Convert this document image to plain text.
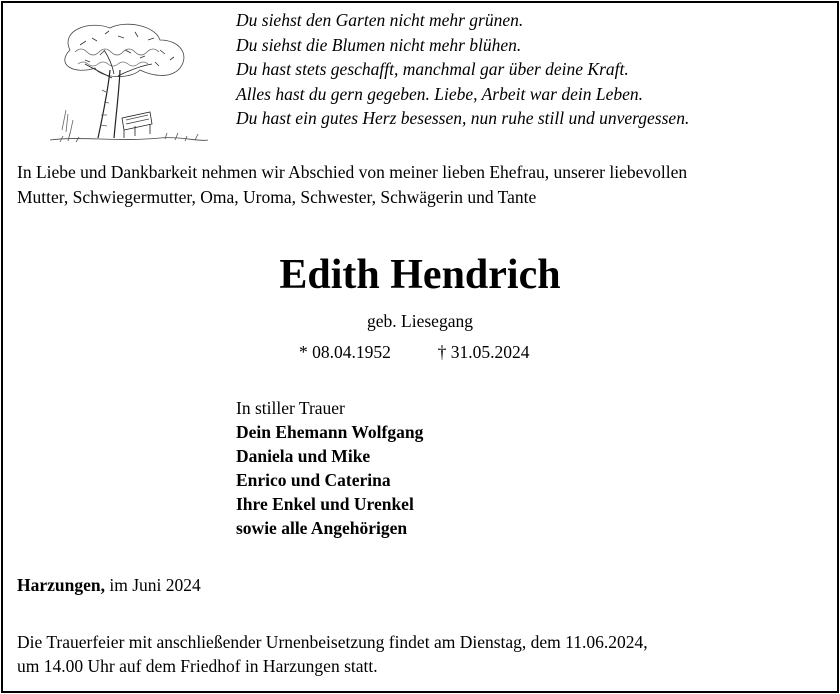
Du siehst den Garten nicht mehr grünen.
Du siehst die Blumen nicht mehr blühen.
Du hast stets geschafft, manchmal gar über deine Kraft.
Alles hast du gern gegeben. Liebe, Arbeit war dein Leben.
Du hast ein gutes Herz besessen, nun ruhe still und unvergessen.
In Liebe und Dankbarkeit nehmen wir Abschied von meiner lieben Ehefrau, unserer liebevollen
Mutter, Schwiegermutter, Oma, Uroma, Schwester, Schwägerin und Tante
Edith Hendrich
geb. Liesegang
* 08.04.1952	† 31.05.2024
In stiller Trauer
Dein Ehemann Wolfgang
Daniela und Mike
Enrico und Caterina
Ihre Enkel und Urenkel
sowie alle Angehörigen
Harzungen, im Juni 2024
Die Trauerfeier mit anschließender Urnenbeisetzung findet am Dienstag, dem 11.06.2024,
um 14.00 Uhr auf dem Friedhof in Harzungen statt.
